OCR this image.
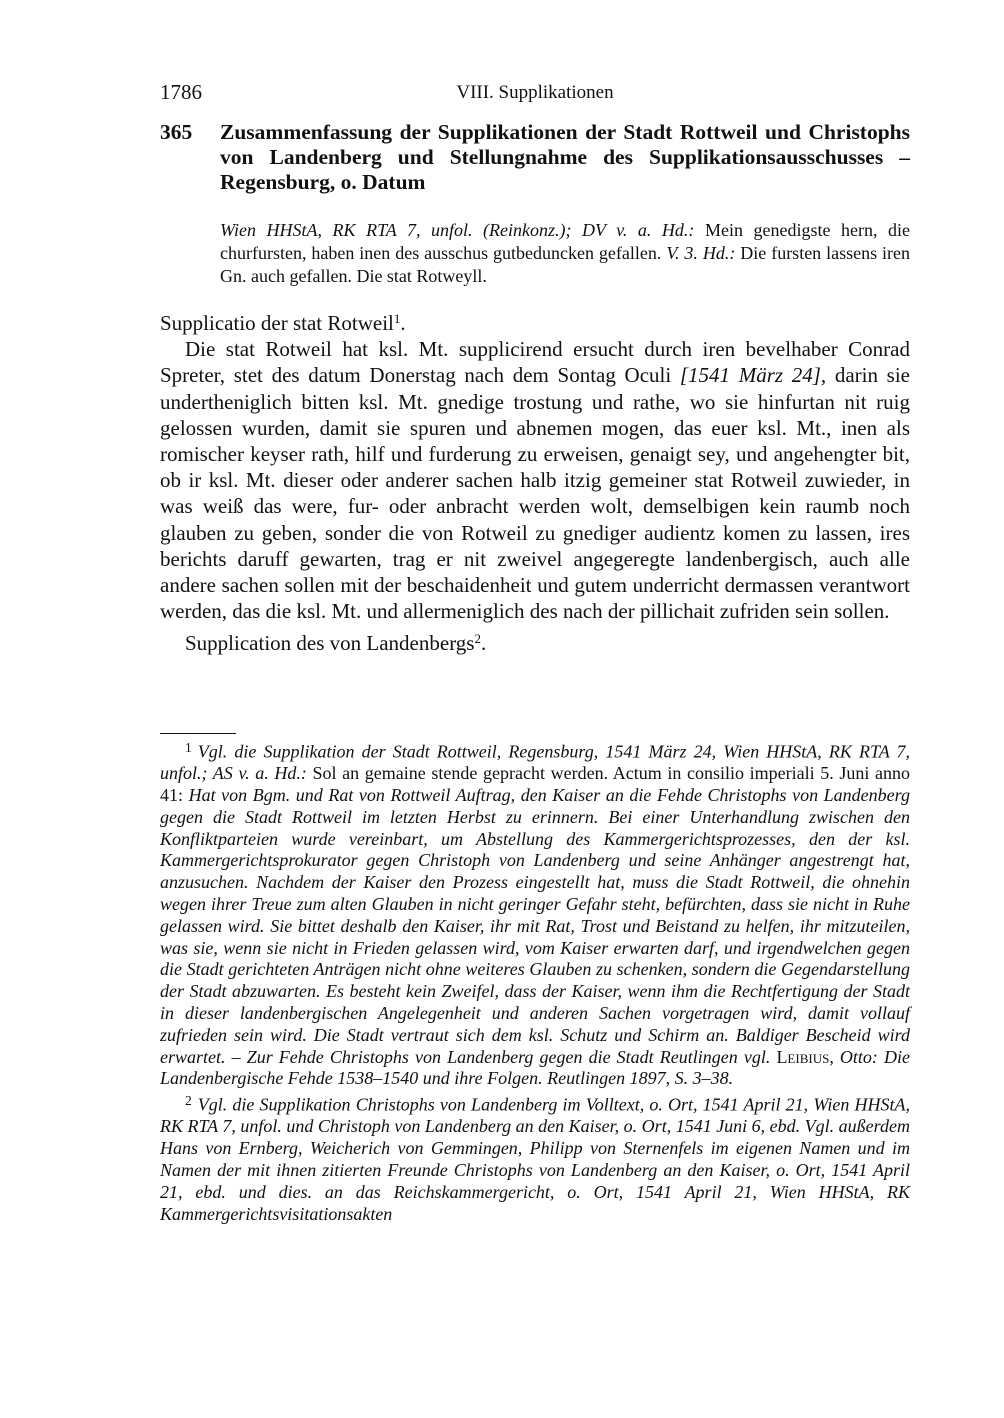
1786	VIII. Supplikationen
365 Zusammenfassung der Supplikationen der Stadt Rottweil und Christophs von Landenberg und Stellungnahme des Supplikationsausschusses – Regensburg, o. Datum
Wien HHStA, RK RTA 7, unfol. (Reinkonz.); DV v. a. Hd.: Mein genedigste hern, die churfursten, haben inen des ausschus gutbeduncken gefallen. V. 3. Hd.: Die fursten lassens iren Gn. auch gefallen. Die stat Rotweyll.

Supplicatio der stat Rotweil$^1$.

Die stat Rotweil hat ksl. Mt. supplicirend ersucht durch iren bevelhaber Conrad Spreter, stet des datum Donerstag nach dem Sontag Oculi [1541 März 24], darin sie undertheniglich bitten ksl. Mt. gnedige trostung und rathe, wo sie hinfurtan nit ruig gelossen wurden, damit sie spuren und abnemen mogen, das euer ksl. Mt., inen als romischer keyser rath, hilf und furderung zu erweisen, genaigt sey, und angehengter bit, ob ir ksl. Mt. dieser oder anderer sachen halb itzig gemeiner stat Rotweil zuwieder, in was weiß das were, fur- oder anbracht werden wolt, demselbigen kein raumb noch glauben zu geben, sonder die von Rotweil zu gnediger audientz komen zu lassen, ires berichts daruff gewarten, trag er nit zweivel angegeregte landenbergisch, auch alle andere sachen sollen mit der beschaidenheit und gutem underricht dermassen verantwort werden, das die ksl. Mt. und allermeniglich des nach der pillichait zufriden sein sollen.

Supplication des von Landenbergs$^2$.

$^1$ Vgl. die Supplikation der Stadt Rottweil, Regensburg, 1541 März 24, Wien HHStA, RK RTA 7, unfol.; AS v. a. Hd.: Sol an gemaine stende gepracht werden. Actum in consilio imperiali 5. Juni anno 41: Hat von Bgm. und Rat von Rottweil Auftrag, den Kaiser an die Fehde Christophs von Landenberg gegen die Stadt Rottweil im letzten Herbst zu erinnern. Bei einer Unterhandlung zwischen den Konfliktparteien wurde vereinbart, um Abstellung des Kammergerichtsprozesses, den der ksl. Kammergerichtsprokurator gegen Christoph von Landenberg und seine Anhänger angestrengt hat, anzusuchen. Nachdem der Kaiser den Prozess eingestellt hat, muss die Stadt Rottweil, die ohnehin wegen ihrer Treue zum alten Glauben in nicht geringer Gefahr steht, befürchten, dass sie nicht in Ruhe gelassen wird. Sie bittet deshalb den Kaiser, ihr mit Rat, Trost und Beistand zu helfen, ihr mitzuteilen, was sie, wenn sie nicht in Frieden gelassen wird, vom Kaiser erwarten darf, und irgendwelchen gegen die Stadt gerichteten Anträgen nicht ohne weiteres Glauben zu schenken, sondern die Gegendarstellung der Stadt abzuwarten. Es besteht kein Zweifel, dass der Kaiser, wenn ihm die Rechtfertigung der Stadt in dieser landenbergischen Angelegenheit und anderen Sachen vorgetragen wird, damit vollauf zufrieden sein wird. Die Stadt vertraut sich dem ksl. Schutz und Schirm an. Baldiger Bescheid wird erwartet. – Zur Fehde Christophs von Landenberg gegen die Stadt Reutlingen vgl. Leibius, Otto: Die Landenbergische Fehde 1538–1540 und ihre Folgen. Reutlingen 1897, S. 3–38.

$^2$ Vgl. die Supplikation Christophs von Landenberg im Volltext, o. Ort, 1541 April 21, Wien HHStA, RK RTA 7, unfol. und Christoph von Landenberg an den Kaiser, o. Ort, 1541 Juni 6, ebd. Vgl. außerdem Hans von Ernberg, Weicherich von Gemmingen, Philipp von Sternenfels im eigenen Namen und im Namen der mit ihnen zitierten Freunde Christophs von Landenberg an den Kaiser, o. Ort, 1541 April 21, ebd. und dies. an das Reichskammergericht, o. Ort, 1541 April 21, Wien HHStA, RK Kammergerichtsvisitationsakten
